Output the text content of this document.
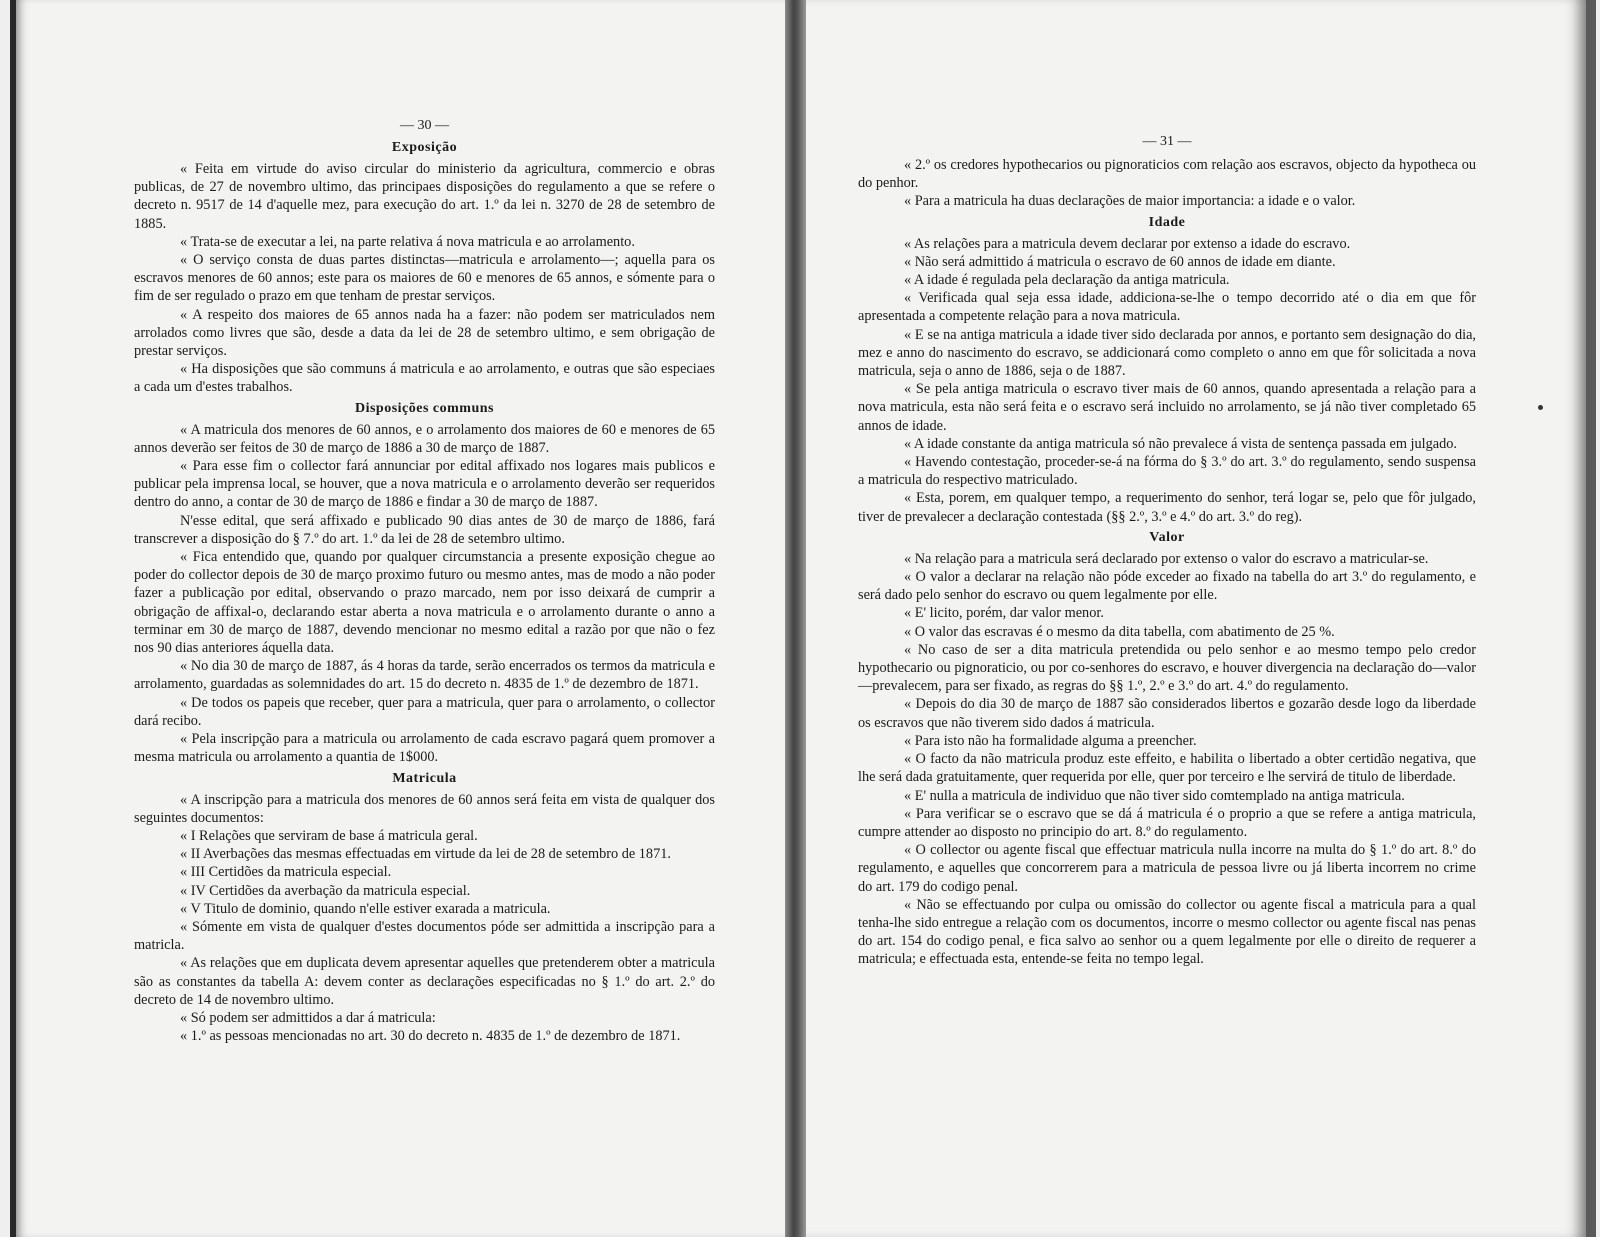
— 30 —
Exposição

« Feita em virtude do aviso circular do ministerio da agricultura, commercio e obras publicas, de 27 de novembro ultimo, das principaes disposições do regulamento a que se refere o decreto n. 9517 de 14 d'aquelle mez, para execução do art. 1.º da lei n. 3270 de 28 de setembro de 1885.

« Trata-se de executar a lei, na parte relativa á nova matricula e ao arrolamento.

« O serviço consta de duas partes distinctas—matricula e arrolamento—; aquella para os escravos menores de 60 annos; este para os maiores de 60 e menores de 65 annos, e sómente para o fim de ser regulado o prazo em que tenham de prestar serviços.

« A respeito dos maiores de 65 annos nada ha a fazer: não podem ser matriculados nem arrolados como livres que são, desde a data da lei de 28 de setembro ultimo, e sem obrigação de prestar serviços.

« Ha disposições que são communs á matricula e ao arrolamento, e outras que são especiaes a cada um d'estes trabalhos.

Disposições communs

« A matricula dos menores de 60 annos, e o arrolamento dos maiores de 60 e menores de 65 annos deverão ser feitos de 30 de março de 1886 a 30 de março de 1887.

« Para esse fim o collector fará annunciar por edital affixado nos logares mais publicos e publicar pela imprensa local, se houver, que a nova matricula e o arrolamento deverão ser requeridos dentro do anno, a contar de 30 de março de 1886 e findar a 30 de março de 1887.

N'esse edital, que será affixado e publicado 90 dias antes de 30 de março de 1886, fará transcrever a disposição do § 7.º do art. 1.º da lei de 28 de setembro ultimo.

« Fica entendido que, quando por qualquer circumstancia a presente exposição chegue ao poder do collector depois de 30 de março proximo futuro ou mesmo antes, mas de modo a não poder fazer a publicação por edital, observando o prazo marcado, nem por isso deixará de cumprir a obrigação de affixal-o, declarando estar aberta a nova matricula e o arrolamento durante o anno a terminar em 30 de março de 1887, devendo mencionar no mesmo edital a razão por que não o fez nos 90 dias anteriores áquella data.

« No dia 30 de março de 1887, ás 4 horas da tarde, serão encerrados os termos da matricula e arrolamento, guardadas as solemnidades do art. 15 do decreto n. 4835 de 1.º de dezembro de 1871.

« De todos os papeis que receber, quer para a matricula, quer para o arrolamento, o collector dará recibo.

« Pela inscripção para a matricula ou arrolamento de cada escravo pagará quem promover a mesma matricula ou arrolamento a quantia de 1$000.

Matricula

« A inscripção para a matricula dos menores de 60 annos será feita em vista de qualquer dos seguintes documentos:

« I Relações que serviram de base á matricula geral.

« II Averbações das mesmas effectuadas em virtude da lei de 28 de setembro de 1871.

« III Certidões da matricula especial.

« IV Certidões da averbação da matricula especial.

« V Titulo de dominio, quando n'elle estiver exarada a matricula.

« Sómente em vista de qualquer d'estes documentos póde ser admittida a inscripção para a matricla.

« As relações que em duplicata devem apresentar aquelles que pretenderem obter a matricula são as constantes da tabella A: devem conter as declarações especificadas no § 1.º do art. 2.º do decreto de 14 de novembro ultimo.

« Só podem ser admittidos a dar á matricula:

« 1.º as pessoas mencionadas no art. 30 do decreto n. 4835 de 1.º de dezembro de 1871.

— 31 —

« 2.º os credores hypothecarios ou pignoraticios com relação aos escravos, objecto da hypotheca ou do penhor.

« Para a matricula ha duas declarações de maior importancia: a idade e o valor.

Idade

« As relações para a matricula devem declarar por extenso a idade do escravo.

« Não será admittido á matricula o escravo de 60 annos de idade em diante.

« A idade é regulada pela declaração da antiga matricula.

« Verificada qual seja essa idade, addiciona-se-lhe o tempo decorrido até o dia em que fôr apresentada a competente relação para a nova matricula.

« E se na antiga matricula a idade tiver sido declarada por annos, e portanto sem designação do dia, mez e anno do nascimento do escravo, se addicionará como completo o anno em que fôr solicitada a nova matricula, seja o anno de 1886, seja o de 1887.

« Se pela antiga matricula o escravo tiver mais de 60 annos, quando apresentada a relação para a nova matricula, esta não será feita e o escravo será incluido no arrolamento, se já não tiver completado 65 annos de idade.

« A idade constante da antiga matricula só não prevalece á vista de sentença passada em julgado.

« Havendo contestação, proceder-se-á na fórma do § 3.º do art. 3.º do regulamento, sendo suspensa a matricula do respectivo matriculado.

« Esta, porem, em qualquer tempo, a requerimento do senhor, terá logar se, pelo que fôr julgado, tiver de prevalecer a declaração contestada (§§ 2.º, 3.º e 4.º do art. 3.º do reg).

Valor

« Na relação para a matricula será declarado por extenso o valor do escravo a matricular-se.

« O valor a declarar na relação não póde exceder ao fixado na tabella do art 3.º do regulamento, e será dado pelo senhor do escravo ou quem legalmente por elle.

« E' licito, porém, dar valor menor.

« O valor das escravas é o mesmo da dita tabella, com abatimento de 25 %.

« No caso de ser a dita matricula pretendida ou pelo senhor e ao mesmo tempo pelo credor hypothecario ou pignoraticio, ou por co-senhores do escravo, e houver divergencia na declaração do—valor—prevalecem, para ser fixado, as regras do §§ 1.º, 2.º e 3.º do art. 4.º do regulamento.

« Depois do dia 30 de março de 1887 são considerados libertos e gozarão desde logo da liberdade os escravos que não tiverem sido dados á matricula.

« Para isto não ha formalidade alguma a preencher.

« O facto da não matricula produz este effeito, e habilita o libertado a obter certidão negativa, que lhe será dada gratuitamente, quer requerida por elle, quer por terceiro e lhe servirá de titulo de liberdade.

« E' nulla a matricula de individuo que não tiver sido comtemplado na antiga matricula.

« Para verificar se o escravo que se dá á matricula é o proprio a que se refere a antiga matricula, cumpre attender ao disposto no principio do art. 8.º do regulamento.

« O collector ou agente fiscal que effectuar matricula nulla incorre na multa do § 1.º do art. 8.º do regulamento, e aquelles que concorrerem para a matricula de pessoa livre ou já liberta incorrem no crime do art. 179 do codigo penal.

« Não se effectuando por culpa ou omissão do collector ou agente fiscal a matricula para a qual tenha-lhe sido entregue a relação com os documentos, incorre o mesmo collector ou agente fiscal nas penas do art. 154 do codigo penal, e fica salvo ao senhor ou a quem legalmente por elle o direito de requerer a matricula; e effectuada esta, entende-se feita no tempo legal.
